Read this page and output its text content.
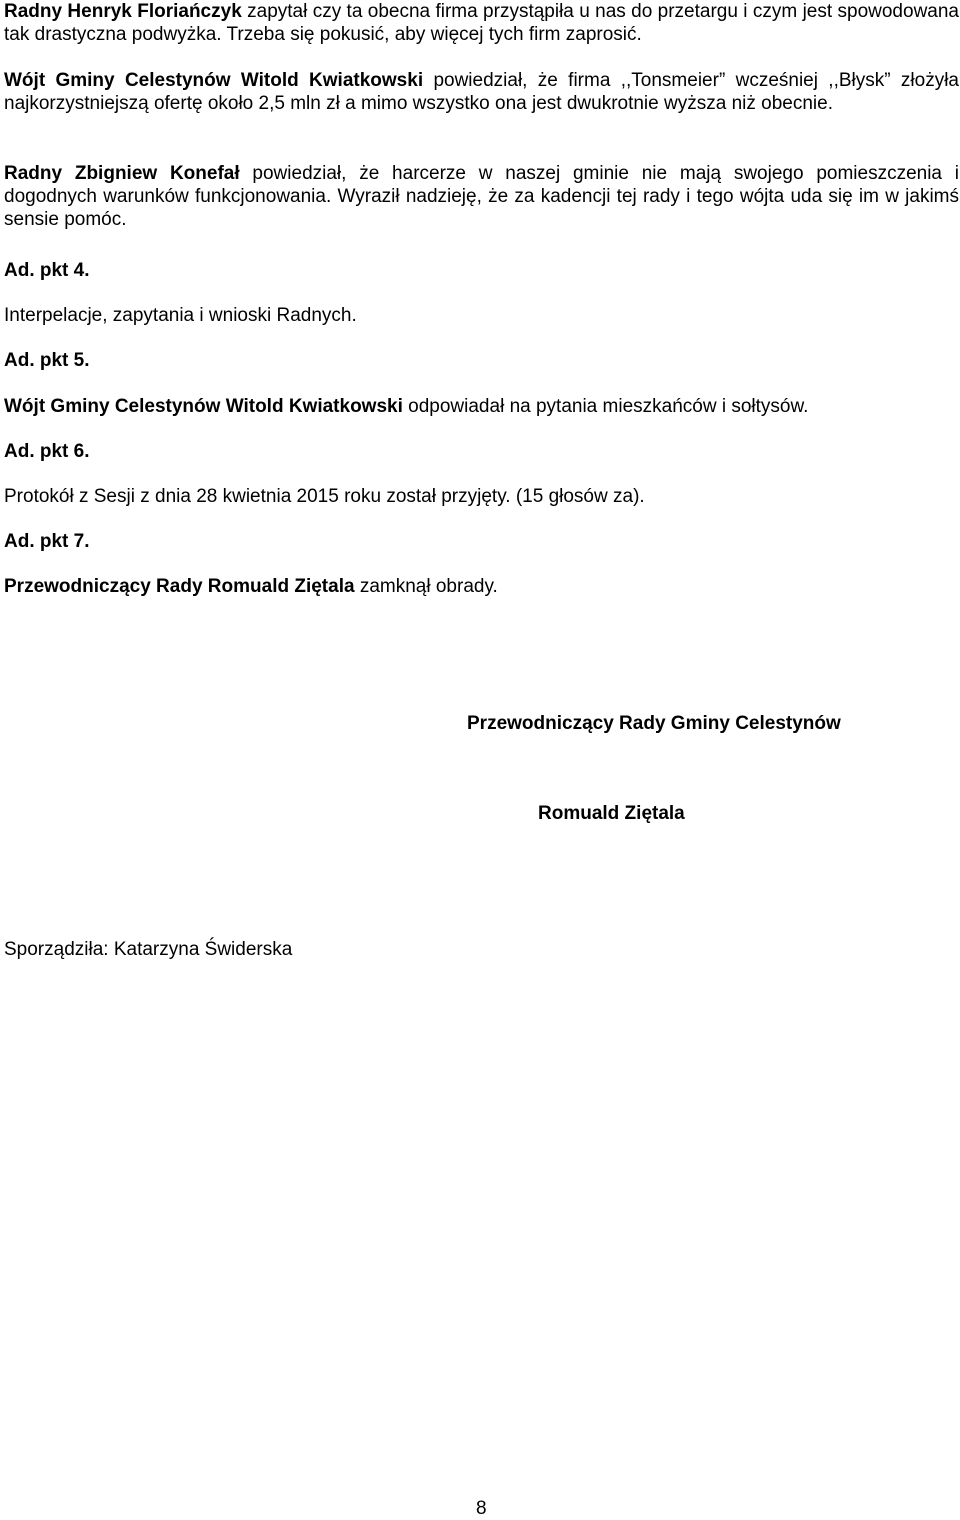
Radny Henryk Floriańczyk zapytał czy ta obecna firma przystąpiła u nas do przetargu i czym jest spowodowana tak drastyczna podwyżka. Trzeba się pokusić, aby więcej tych firm zaprosić.

Wójt Gminy Celestynów Witold Kwiatkowski powiedział, że firma ,,Tonsmeier” wcześniej ,,Błysk” złożyła najkorzystniejszą ofertę około 2,5 mln zł a mimo wszystko ona jest dwukrotnie wyższa niż obecnie.

Radny Zbigniew Konefał powiedział, że harcerze w naszej gminie nie mają swojego pomieszczenia i dogodnych warunków funkcjonowania. Wyraził nadzieję, że za kadencji tej rady i tego wójta uda się im w jakimś sensie pomóc.

Ad. pkt 4.

Interpelacje, zapytania i wnioski Radnych.

Ad. pkt 5.

Wójt Gminy Celestynów Witold Kwiatkowski odpowiadał na pytania mieszkańców i sołtysów.

Ad. pkt 6.

Protokół z Sesji z dnia 28 kwietnia 2015 roku został przyjęty. (15 głosów za).

Ad. pkt 7.

Przewodniczący Rady Romuald Ziętala zamknął obrady.

Przewodniczący Rady Gminy Celestynów
Romuald Ziętala
Sporządziła: Katarzyna Świderska
8
